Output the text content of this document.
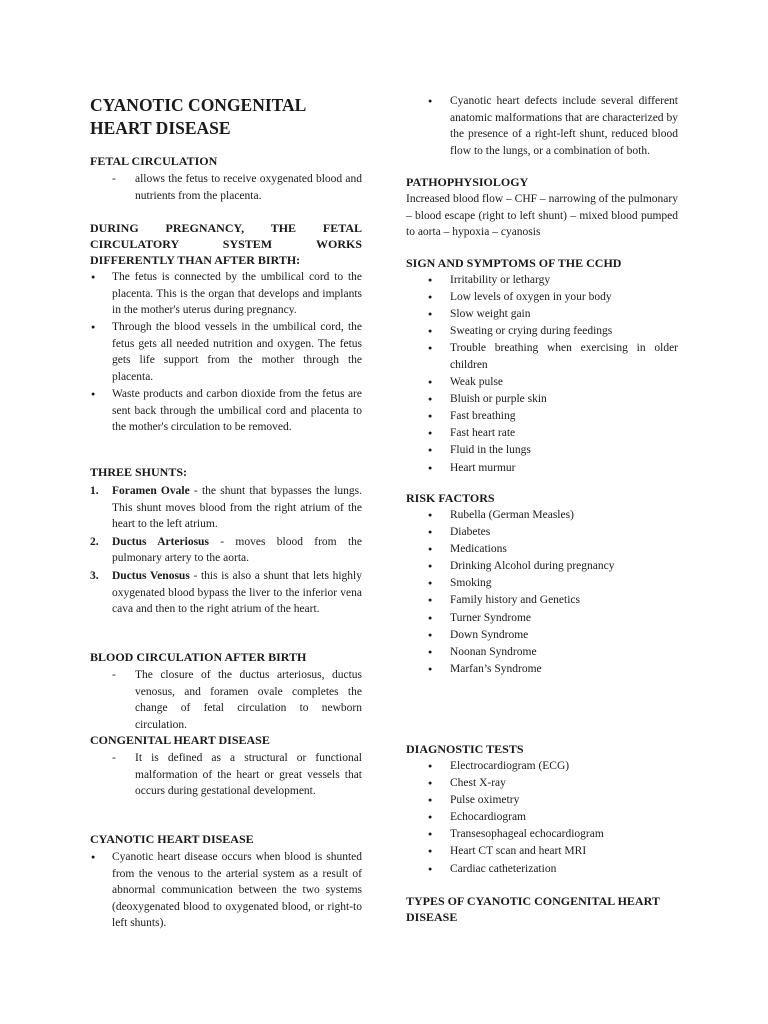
CYANOTIC CONGENITAL HEART DISEASE
FETAL CIRCULATION
- allows the fetus to receive oxygenated blood and nutrients from the placenta.
DURING PREGNANCY, THE FETAL CIRCULATORY SYSTEM WORKS DIFFERENTLY THAN AFTER BIRTH:
● The fetus is connected by the umbilical cord to the placenta. This is the organ that develops and implants in the mother's uterus during pregnancy.
● Through the blood vessels in the umbilical cord, the fetus gets all needed nutrition and oxygen. The fetus gets life support from the mother through the placenta.
● Waste products and carbon dioxide from the fetus are sent back through the umbilical cord and placenta to the mother's circulation to be removed.
THREE SHUNTS:
1. Foramen Ovale - the shunt that bypasses the lungs. This shunt moves blood from the right atrium of the heart to the left atrium.
2. Ductus Arteriosus - moves blood from the pulmonary artery to the aorta.
3. Ductus Venosus - this is also a shunt that lets highly oxygenated blood bypass the liver to the inferior vena cava and then to the right atrium of the heart.
BLOOD CIRCULATION AFTER BIRTH
- The closure of the ductus arteriosus, ductus venosus, and foramen ovale completes the change of fetal circulation to newborn circulation.
CONGENITAL HEART DISEASE
- It is defined as a structural or functional malformation of the heart or great vessels that occurs during gestational development.
CYANOTIC HEART DISEASE
● Cyanotic heart disease occurs when blood is shunted from the venous to the arterial system as a result of abnormal communication between the two systems (deoxygenated blood to oxygenated blood, or right-to left shunts).
● Cyanotic heart defects include several different anatomic malformations that are characterized by the presence of a right-left shunt, reduced blood flow to the lungs, or a combination of both.
PATHOPHYSIOLOGY

Increased blood flow – CHF – narrowing of the pulmonary – blood escape (right to left shunt) – mixed blood pumped to aorta – hypoxia – cyanosis

SIGN AND SYMPTOMS OF THE CCHD
● Irritability or lethargy
● Low levels of oxygen in your body
● Slow weight gain
● Sweating or crying during feedings
● Trouble breathing when exercising in older children
● Weak pulse
● Bluish or purple skin
● Fast breathing
● Fast heart rate
● Fluid in the lungs
● Heart murmur
RISK FACTORS
● Rubella (German Measles)
● Diabetes
● Medications
● Drinking Alcohol during pregnancy
● Smoking
● Family history and Genetics
● Turner Syndrome
● Down Syndrome
● Noonan Syndrome
● Marfan’s Syndrome
DIAGNOSTIC TESTS
● Electrocardiogram (ECG)
● Chest X-ray
● Pulse oximetry
● Echocardiogram
● Transesophageal echocardiogram
● Heart CT scan and heart MRI
● Cardiac catheterization
TYPES OF CYANOTIC CONGENITAL HEART DISEASE
